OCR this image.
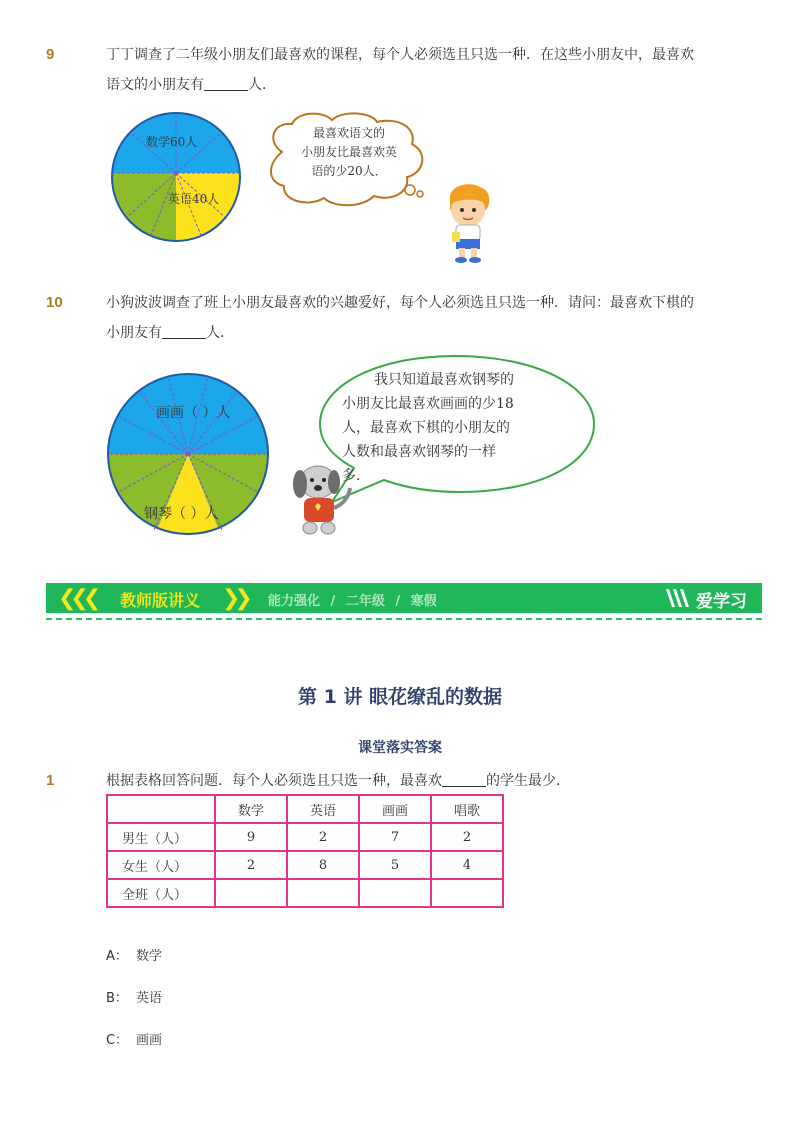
9	丁丁调查了二年级小朋友们最喜欢的课程，每个人必须选且只选一种．在这些小朋友中，最喜欢
语文的小朋友有	人．
数学60人
英语40人
最喜欢语文的
小朋友比最喜欢英
语的少20人．
10	小狗波波调查了班上小朋友最喜欢的兴趣爱好，每个人必须选且只选一种．请问：最喜欢下棋的
小朋友有	人．
画画（ ）人
钢琴（ ）人
我只知道最喜欢钢琴的
小朋友比最喜欢画画的少18
人，最喜欢下棋的小朋友的
人数和最喜欢钢琴的一样
多．
❮❮❮ 教师版讲义 ❯❯ 能力强化 / 二年级 / 寒假	爱学习
第 1 讲 眼花缭乱的数据
课堂落实答案
1	根据表格回答问题．每个人必须选且只选一种，最喜欢	的学生最少．
	数学	英语	画画	唱歌
男生（人）	9	2	7	2
女生（人）	2	8	5	4
全班（人）				
A： 数学
B： 英语
C： 画画
